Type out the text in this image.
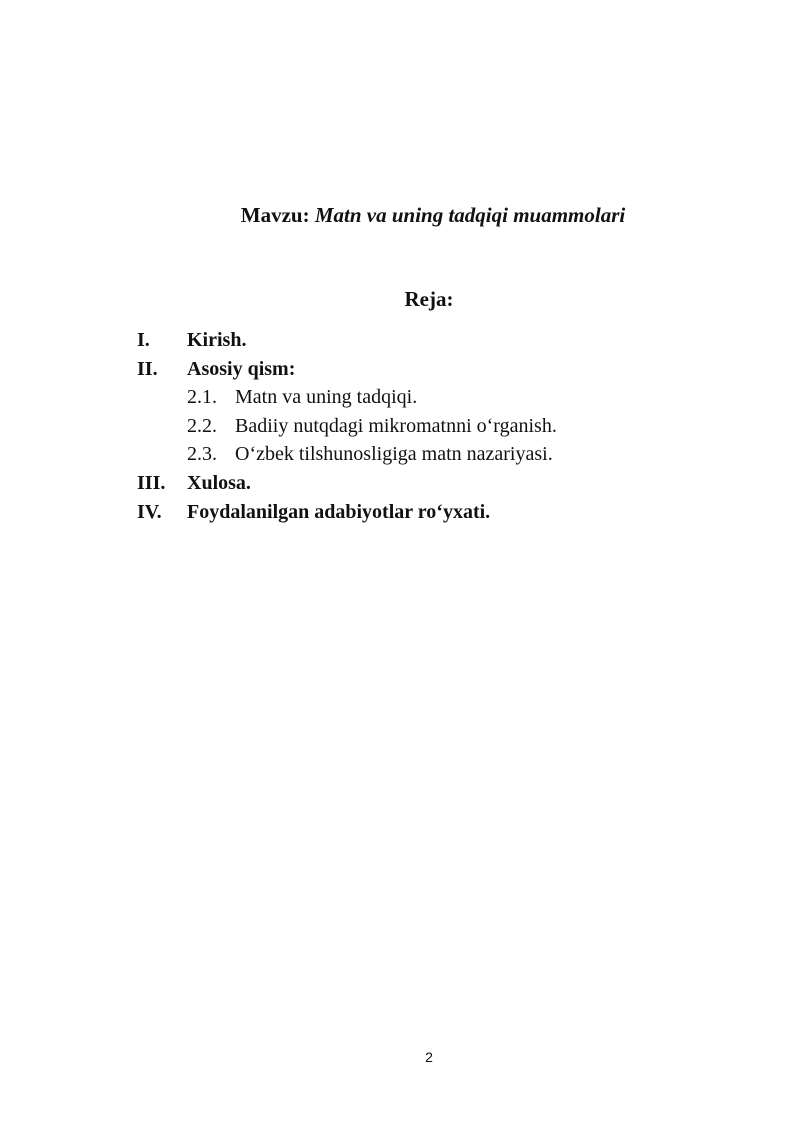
Mavzu: Matn va uning tadqiqi muammolari
Reja:
I.	Kirish.
II.	Asosiy qism:
2.1. Matn va uning tadqiqi.
2.2. Badiiy nutqdagi mikromatnni o‘rganish.
2.3. O‘zbek tilshunosligiga matn nazariyasi.
III.	Xulosa.
IV.	Foydalanilgan adabiyotlar ro‘yxati.
2
